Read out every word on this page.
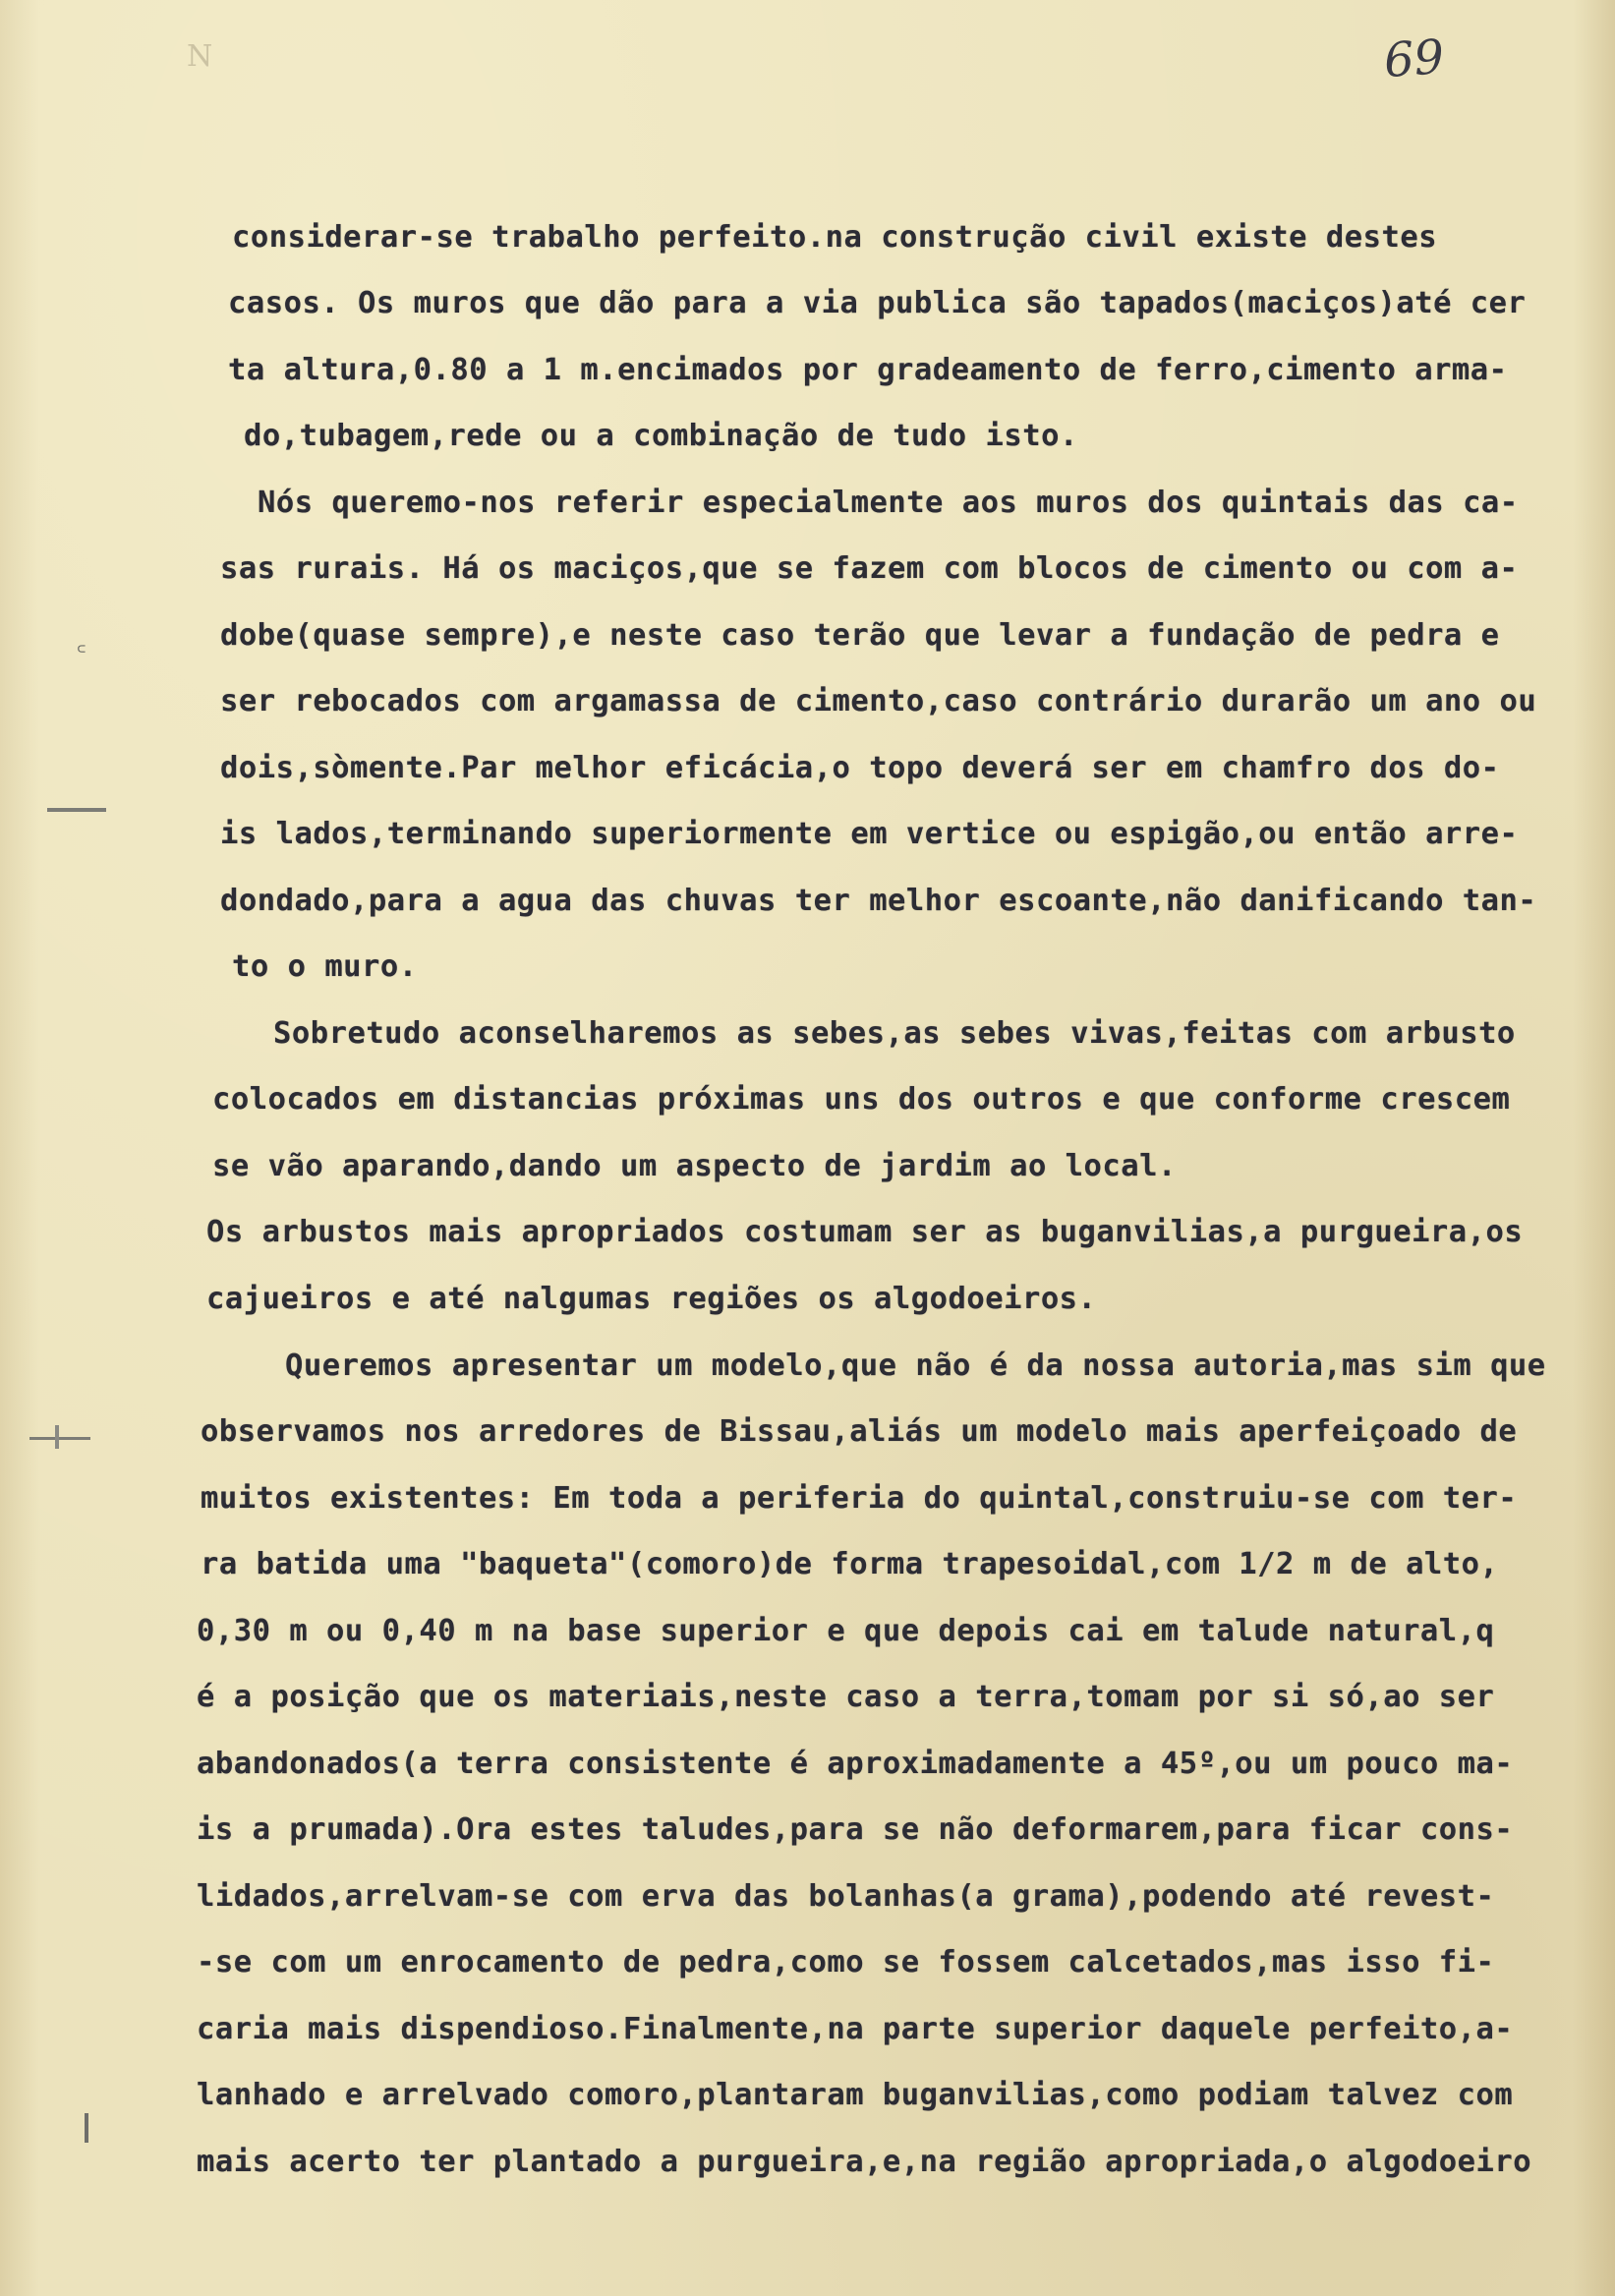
N	69
꜀
considerar-se trabalho perfeito.na construção civil existe destes
casos. Os muros que dão para a via publica são tapados(maciços)até cer
ta altura,0.80 a 1 m.encimados por gradeamento de ferro,cimento arma-
do,tubagem,rede ou a combinação de tudo isto.
Nós queremo-nos referir especialmente aos muros dos quintais das ca-
sas rurais. Há os maciços,que se fazem com blocos de cimento ou com a-
dobe(quase sempre),e neste caso terão que levar a fundação de pedra e
ser rebocados com argamassa de cimento,caso contrário durarão um ano ou
dois,sòmente.Par melhor eficácia,o topo deverá ser em chamfro dos do-
is lados,terminando superiormente em vertice ou espigão,ou então arre-
dondado,para a agua das chuvas ter melhor escoante,não danificando tan-
to o muro.
Sobretudo aconselharemos as sebes,as sebes vivas,feitas com arbusto
colocados em distancias próximas uns dos outros e que conforme crescem
se vão aparando,dando um aspecto de jardim ao local.
Os arbustos mais apropriados costumam ser as buganvilias,a purgueira,os
cajueiros e até nalgumas regiões os algodoeiros.
Queremos apresentar um modelo,que não é da nossa autoria,mas sim que
observamos nos arredores de Bissau,aliás um modelo mais aperfeiçoado de
muitos existentes: Em toda a periferia do quintal,construiu-se com ter-
ra batida uma "baqueta"(comoro)de forma trapesoidal,com 1/2 m de alto,
0,30 m ou 0,40 m na base superior e que depois cai em talude natural,q
é a posição que os materiais,neste caso a terra,tomam por si só,ao ser
abandonados(a terra consistente é aproximadamente a 45º,ou um pouco ma-
is a prumada).Ora estes taludes,para se não deformarem,para ficar cons-
lidados,arrelvam-se com erva das bolanhas(a grama),podendo até revest-
-se com um enrocamento de pedra,como se fossem calcetados,mas isso fi-
caria mais dispendioso.Finalmente,na parte superior daquele perfeito,a-
lanhado e arrelvado comoro,plantaram buganvilias,como podiam talvez com
mais acerto ter plantado a purgueira,e,na região apropriada,o algodoeiro
